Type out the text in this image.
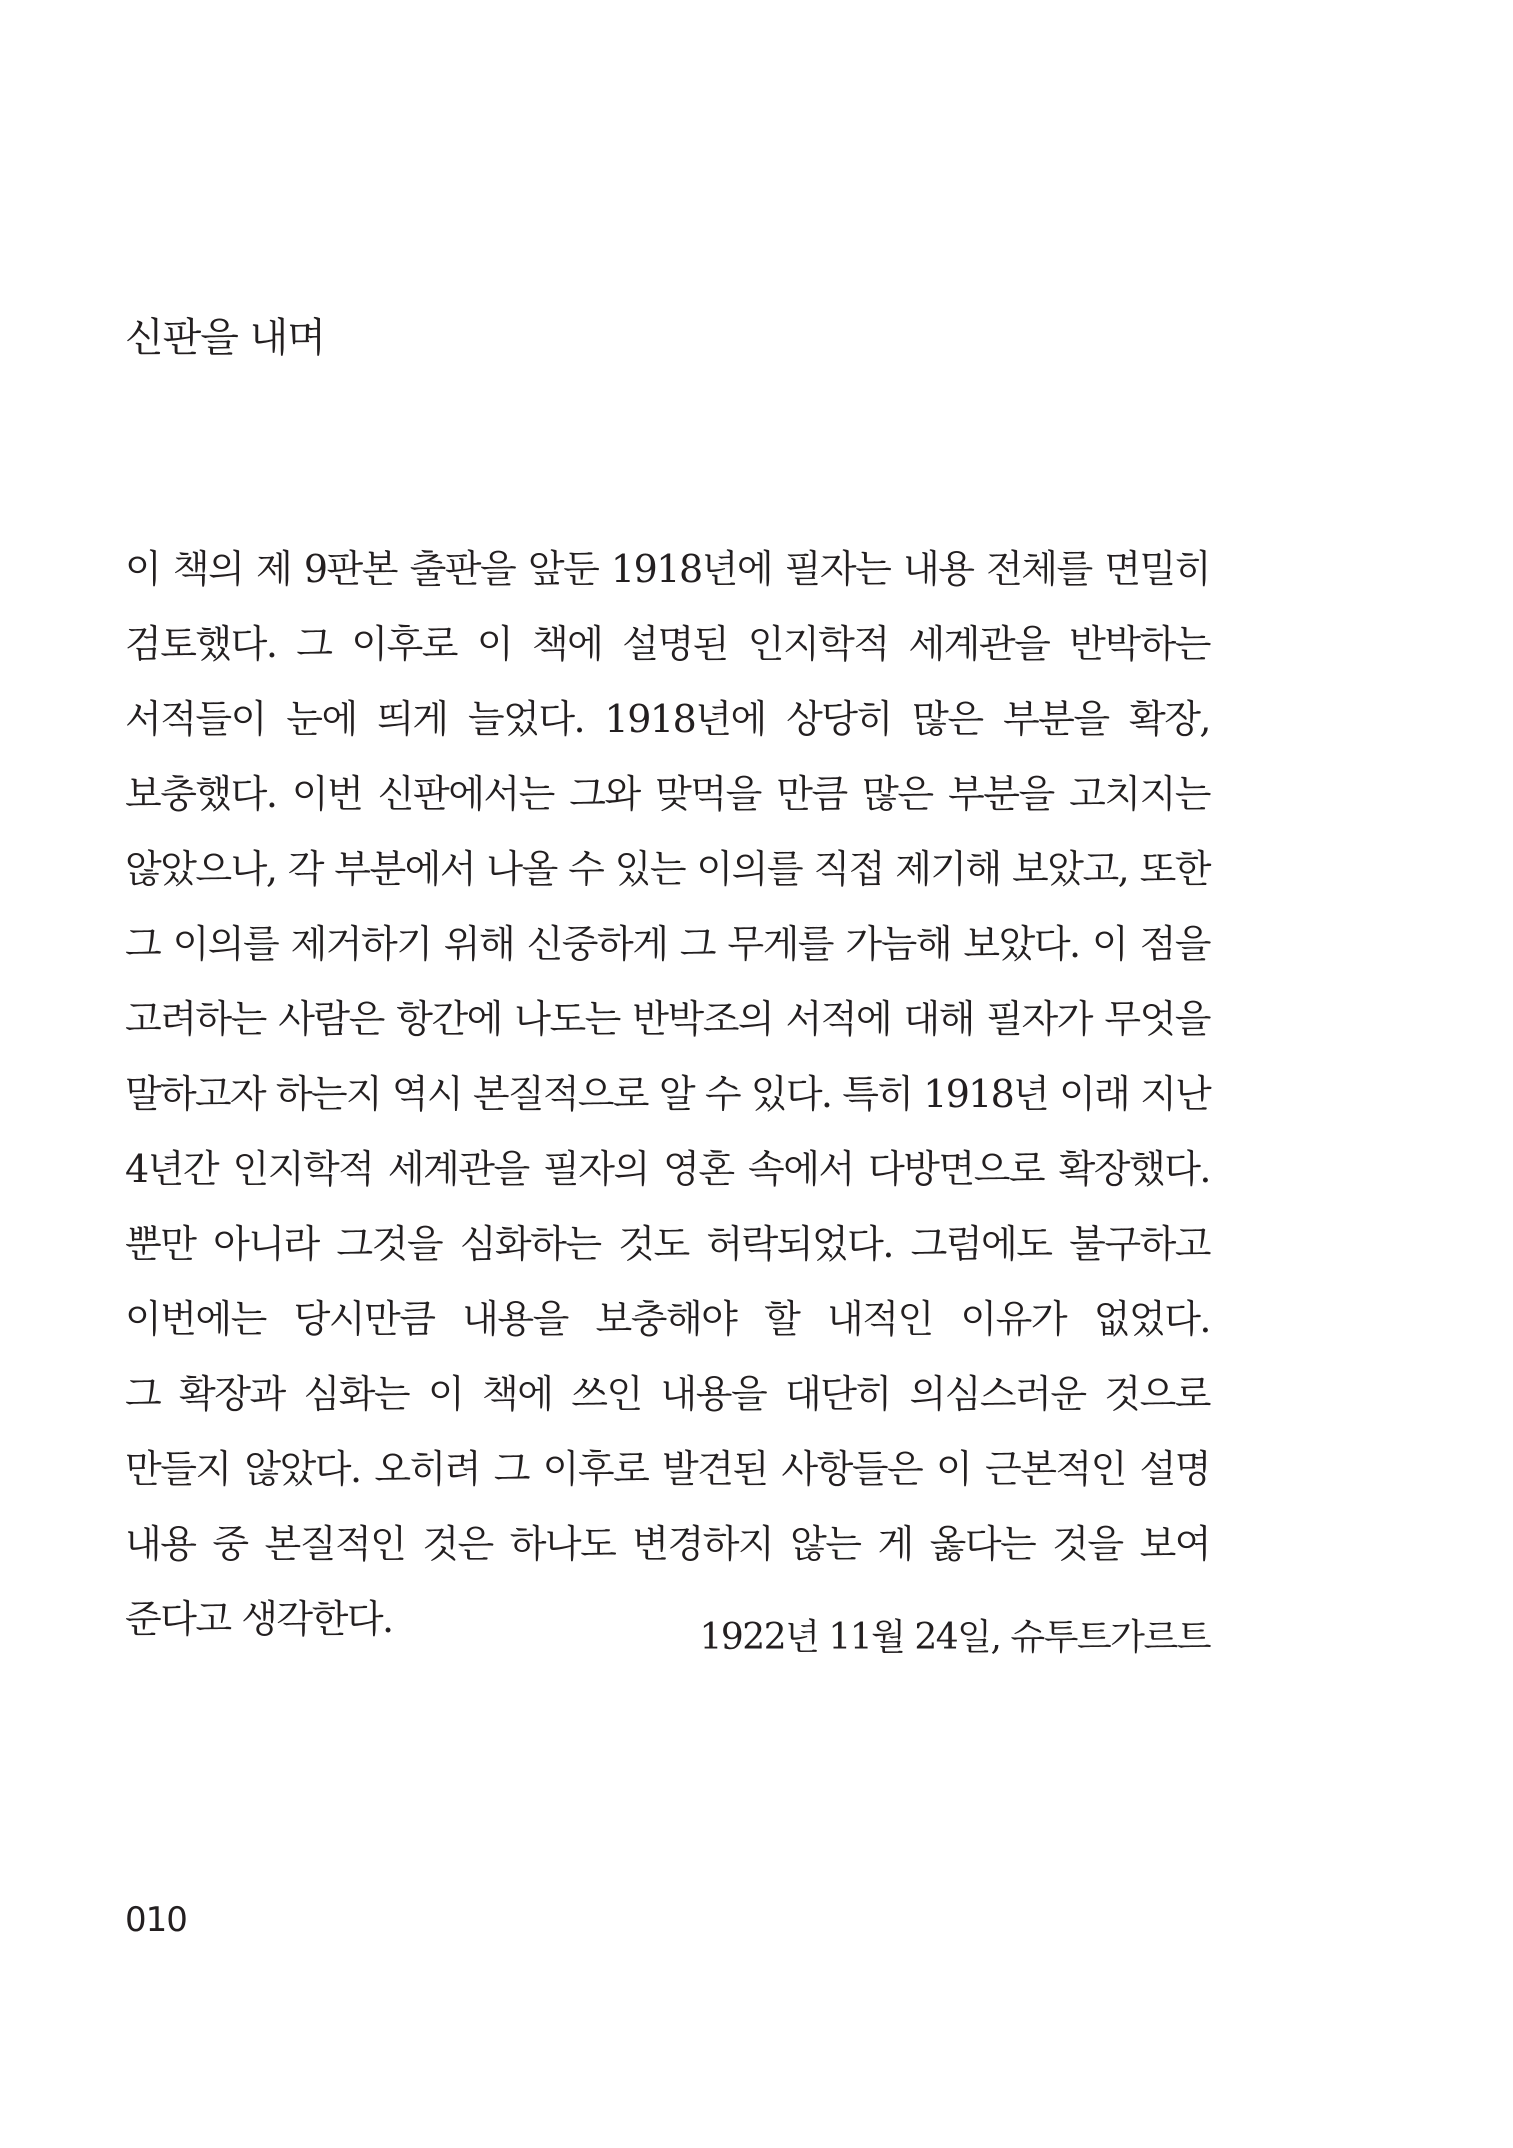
신판을 내며
이 책의 제 9판본 출판을 앞둔 1918년에 필자는 내용 전체를 면밀히
검토했다. 그 이후로 이 책에 설명된 인지학적 세계관을 반박하는
서적들이 눈에 띄게 늘었다. 1918년에 상당히 많은 부분을 확장,
보충했다. 이번 신판에서는 그와 맞먹을 만큼 많은 부분을 고치지는
않았으나, 각 부분에서 나올 수 있는 이의를 직접 제기해 보았고, 또한
그 이의를 제거하기 위해 신중하게 그 무게를 가늠해 보았다. 이 점을
고려하는 사람은 항간에 나도는 반박조의 서적에 대해 필자가 무엇을
말하고자 하는지 역시 본질적으로 알 수 있다. 특히 1918년 이래 지난
4년간 인지학적 세계관을 필자의 영혼 속에서 다방면으로 확장했다.
뿐만 아니라 그것을 심화하는 것도 허락되었다. 그럼에도 불구하고
이번에는 당시만큼 내용을 보충해야 할 내적인 이유가 없었다.
그 확장과 심화는 이 책에 쓰인 내용을 대단히 의심스러운 것으로
만들지 않았다. 오히려 그 이후로 발견된 사항들은 이 근본적인 설명
내용 중 본질적인 것은 하나도 변경하지 않는 게 옳다는 것을 보여
준다고 생각한다.	1922년 11월 24일, 슈투트가르트

010
